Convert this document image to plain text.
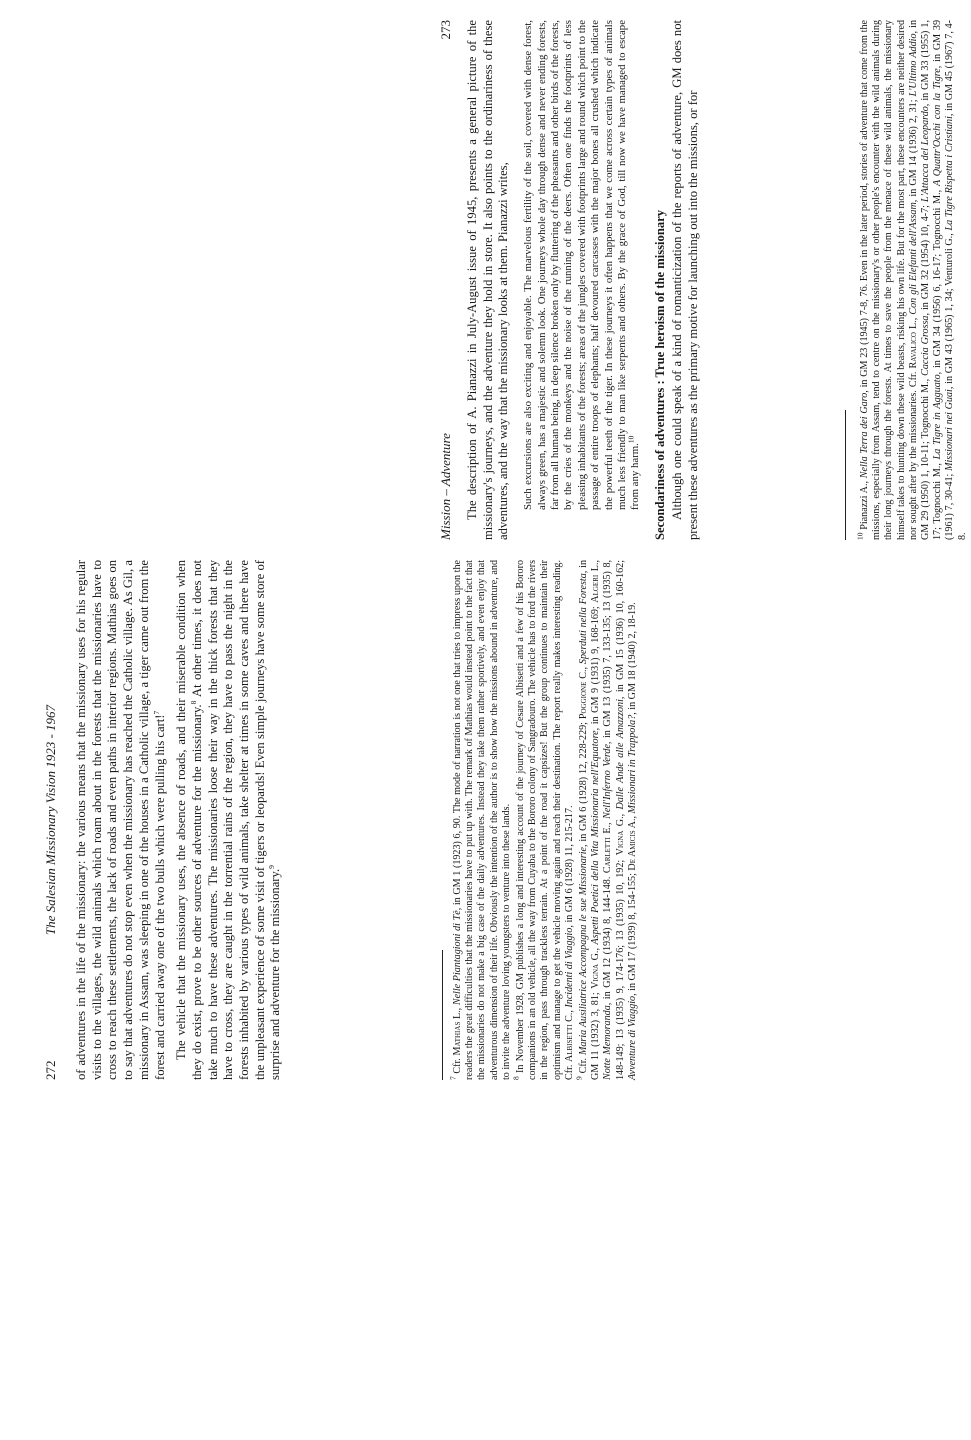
272
The Salesian Missionary Vision 1923 - 1967 of adventures in the life of the missionary: the various means that the missionary uses for his regular visits to the villages, the wild animals which roam about in the forests that the missionaries have to cross to reach these settlements, the lack of roads and even paths in interior regions. Mathias goes on to say that adventures do not stop even when the missionary has reached the Catholic village. As Gil, a missionary in Assam, was sleeping in one of the houses in a Catholic village, a tiger came out from the forest and carried away one of the two bulls which were pulling his cart!$^7$	The vehicle that the missionary uses, the absence of roads, and their miserable condition when they do exist, prove to be other sources of adventure for the missionary.$^8$ At other times, it does not take much to have these adventures. The missionaries loose their way in the thick forests that they have to cross, they are caught in the torrential rains of the region, they have to pass the night in the forests inhabited by various types of wild animals, take shelter at times in some caves and there have the unpleasant experience of some visit of tigers or leopards! Even simple journeys have some store of surprise and adventure for the missionary.$^9$

$^7$ Cfr. Mathias L., Nelle Piantagioni di Tè, in GM 1 (1923) 6, 90. The mode of narration is not one that tries to impress upon the readers the great difficulties that the missionaries have to put up with. The remark of Mathias would instead point to the fact that the missionaries do not make a big case of the daily adventures. Instead they take them rather sportively, and even enjoy that adventurous dimension of their life. Obviously the intention of the author is to show how the missions abound in adventure, and to invite the adventure loving youngsters to venture into these lands. $^8$ In November 1928, GM publishes a long and interesting account of the journey of Cesare Albisetti and a few of his Bororo companions in an old vehicle, all the way from Cuyaba to the Bororo colony of Sangradouro. The vehicle has to ford the rivers in the region, pass through trackless terrain. At a point of the road it capsizes! But the group continues to maintain their optimism and manage to get the vehicle moving again and reach their destination. The report really makes interesting reading. Cfr. Albisetti C., Incidenti di Viaggio, in GM 6 (1928) 11, 215-217.

$^9$ Cfr. Maria Ausiliatrice Accompagna le sue Missionarie, in GM 6 (1928) 12, 228-229; Poggione C., Sperduti nella Foresta, in GM 11 (1932) 3, 81; Vigna G., Aspetti Poetici della Vita Missionaria nell'Equatore, in GM 9 (1931) 9, 168-169; Algeri L., Notte Memoranda, in GM 12 (1934) 8, 144-148. Carletti E., Nell'Inferno Verde, in GM 13 (1935) 7, 133-135; 13 (1935) 8, 148-149; 13 (1935) 9, 174-176; 13 (1935) 10, 192; Vigna G., Dalle Ande alle Amazzoni, in GM 15 (1936) 10, 160-162; Avventure di Viaggio, in GM 17 (1939) 8, 154-155; De Amicis A., Missionari in Trappola?, in GM 18 (1940) 2, 18-19.

Mission – Adventure
273 The description of A. Pianazzi in July-August issue of 1945, presents a general picture of the missionary's journeys, and the adventure they hold in store. It also points to the ordinariness of these adventures, and the way that the missionary looks at them. Pianazzi writes, Such excursions are also exciting and enjoyable. The marvelous fertility of the soil, covered with dense forest, always green, has a majestic and solemn look. One journeys whole day through dense and never ending forests, far from all human being, in deep silence broken only by fluttering of the pheasants and other birds of the forests, by the cries of the monkeys and the noise of the running of the deers. Often one finds the footprints of less pleasing inhabitants of the forests; areas of the jungles covered with footprints large and round which point to the passage of entire troops of elephants; half devoured carcasses with the major bones all crushed which indicate the powerful teeth of the tiger. In these journeys it often happens that we come across certain types of animals much less friendly to man like serpents and others. By the grace of God, till now we have managed to escape from any harm.$^{10}$	Secondariness of adventures : True heroism of the missionary Although one could speak of a kind of romanticization of the reports of adventure, GM does not present these adventures as the primary motive for launching out into the missions, or for	$^{10}$ Pianazzi A., Nella Terra dei Garo, in GM 23 (1945) 7-8, 76. Even in the later period, stories of adventure that come from the missions, especially from Assam, tend to centre on the missionary's or other people's encounter with the wild animals during their long journeys through the forests. At times to save the people from the menace of these wild animals, the missionary himself takes to hunting down these wild beasts, risking his own life. But for the most part, these encounters are neither desired nor sought after by the missionaries. Cfr. Ravalico L., Con gli Elefanti dell'Assam, in GM 14 (1936) 2, 31; L'Ultimo Addio, in GM 29 (1950) 1, 10-11; Tognocchi M., Caccia Grossa, in GM 32 (1954) 10, 4-7; L'Attacca del Leopardo, in GM 33 (1955) 1, 17; Tognocchi M., La Tigre in Agguato, in GM 34 (1956) 6, 16-17; Tognocchi M., A Quattr'Occhi con la Tigre, in GM 39 (1961) 7, 30-41; Missionari nei Guai, in GM 43 (1965) 1, 34; Venturoli G., La Tigre Rispetta i Cristiani, in GM 45 (1967) 7, 4-8.
